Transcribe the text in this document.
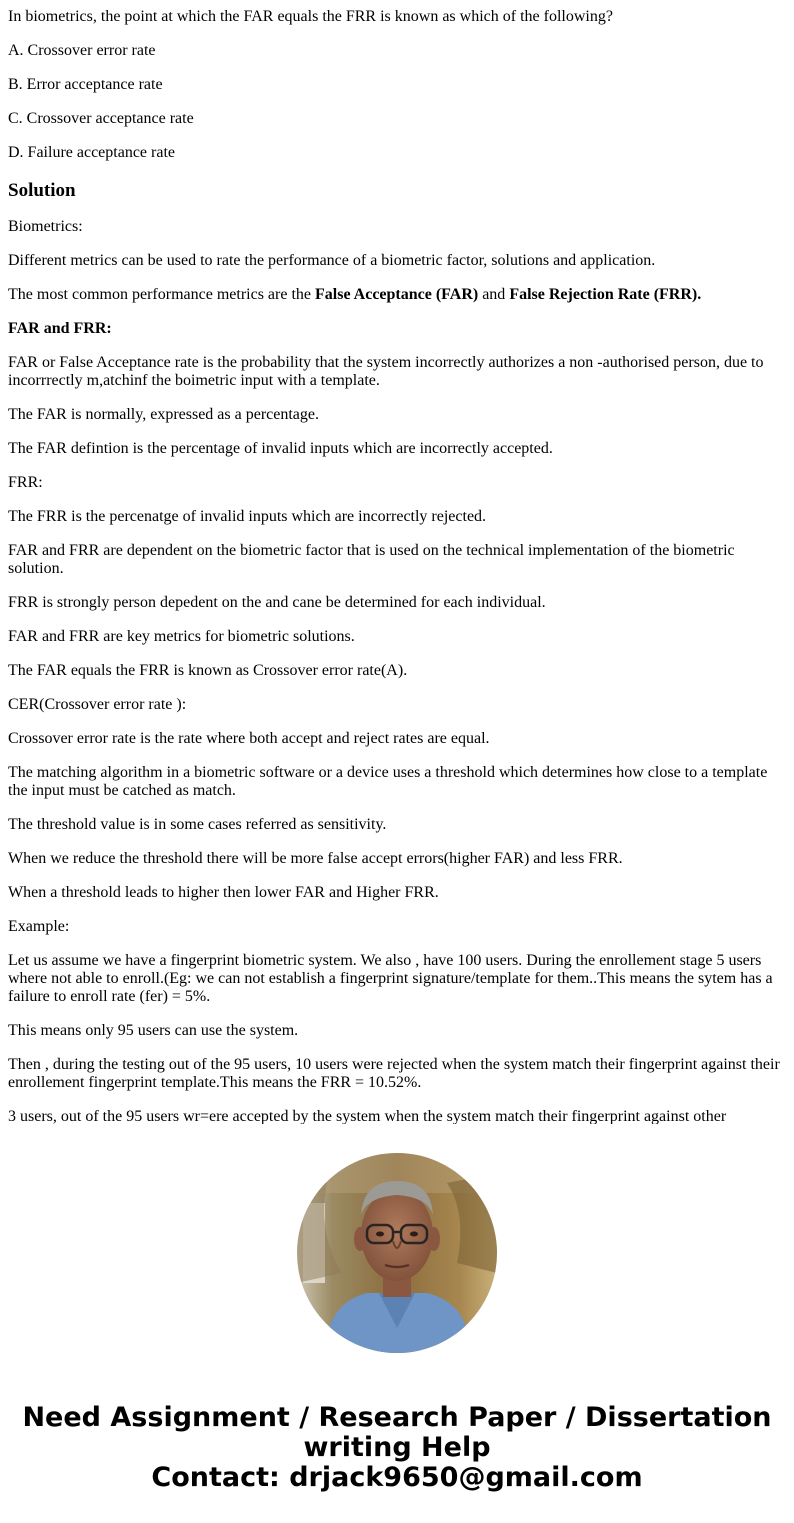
In biometrics, the point at which the FAR equals the FRR is known as which of the following?

A. Crossover error rate

B. Error acceptance rate

C. Crossover acceptance rate

D. Failure acceptance rate

Solution

Biometrics:

Different metrics can be used to rate the performance of a biometric factor, solutions and application.

The most common performance metrics are the False Acceptance (FAR) and False Rejection Rate (FRR).

FAR and FRR:

FAR or False Acceptance rate is the probability that the system incorrectly authorizes a non -authorised person, due to incorrrectly m,atchinf the boimetric input with a template.

The FAR is normally, expressed as a percentage.

The FAR defintion is the percentage of invalid inputs which are incorrectly accepted.

FRR:

The FRR is the percenatge of invalid inputs which are incorrectly rejected.

FAR and FRR are dependent on the biometric factor that is used on the technical implementation of the biometric solution.

FRR is strongly person depedent on the and cane be determined for each individual.

FAR and FRR are key metrics for biometric solutions.

The FAR equals the FRR is known as Crossover error rate(A).

CER(Crossover error rate ):

Crossover error rate is the rate where both accept and reject rates are equal.

The matching algorithm in a biometric software or a device uses a threshold which determines how close to a template the input must be catched as match.

The threshold value is in some cases referred as sensitivity.

When we reduce the threshold there will be more false accept errors(higher FAR) and less FRR.

When a threshold leads to higher then lower FAR and Higher FRR.

Example:

Let us assume we have a fingerprint biometric system. We also , have 100 users. During the enrollement stage 5 users where not able to enroll.(Eg: we can not establish a fingerprint signature/template for them..This means the sytem has a failure to enroll rate (fer) = 5%.

This means only 95 users can use the system.

Then , during the testing out of the 95 users, 10 users were rejected when the system match their fingerprint against their enrollement fingerprint template.This means the FRR = 10.52%.

3 users, out of the 95 users wr=ere accepted by the system when the system match their fingerprint against other

Need Assignment / Research Paper / Dissertation
writing Help
Contact: drjack9650@gmail.com
